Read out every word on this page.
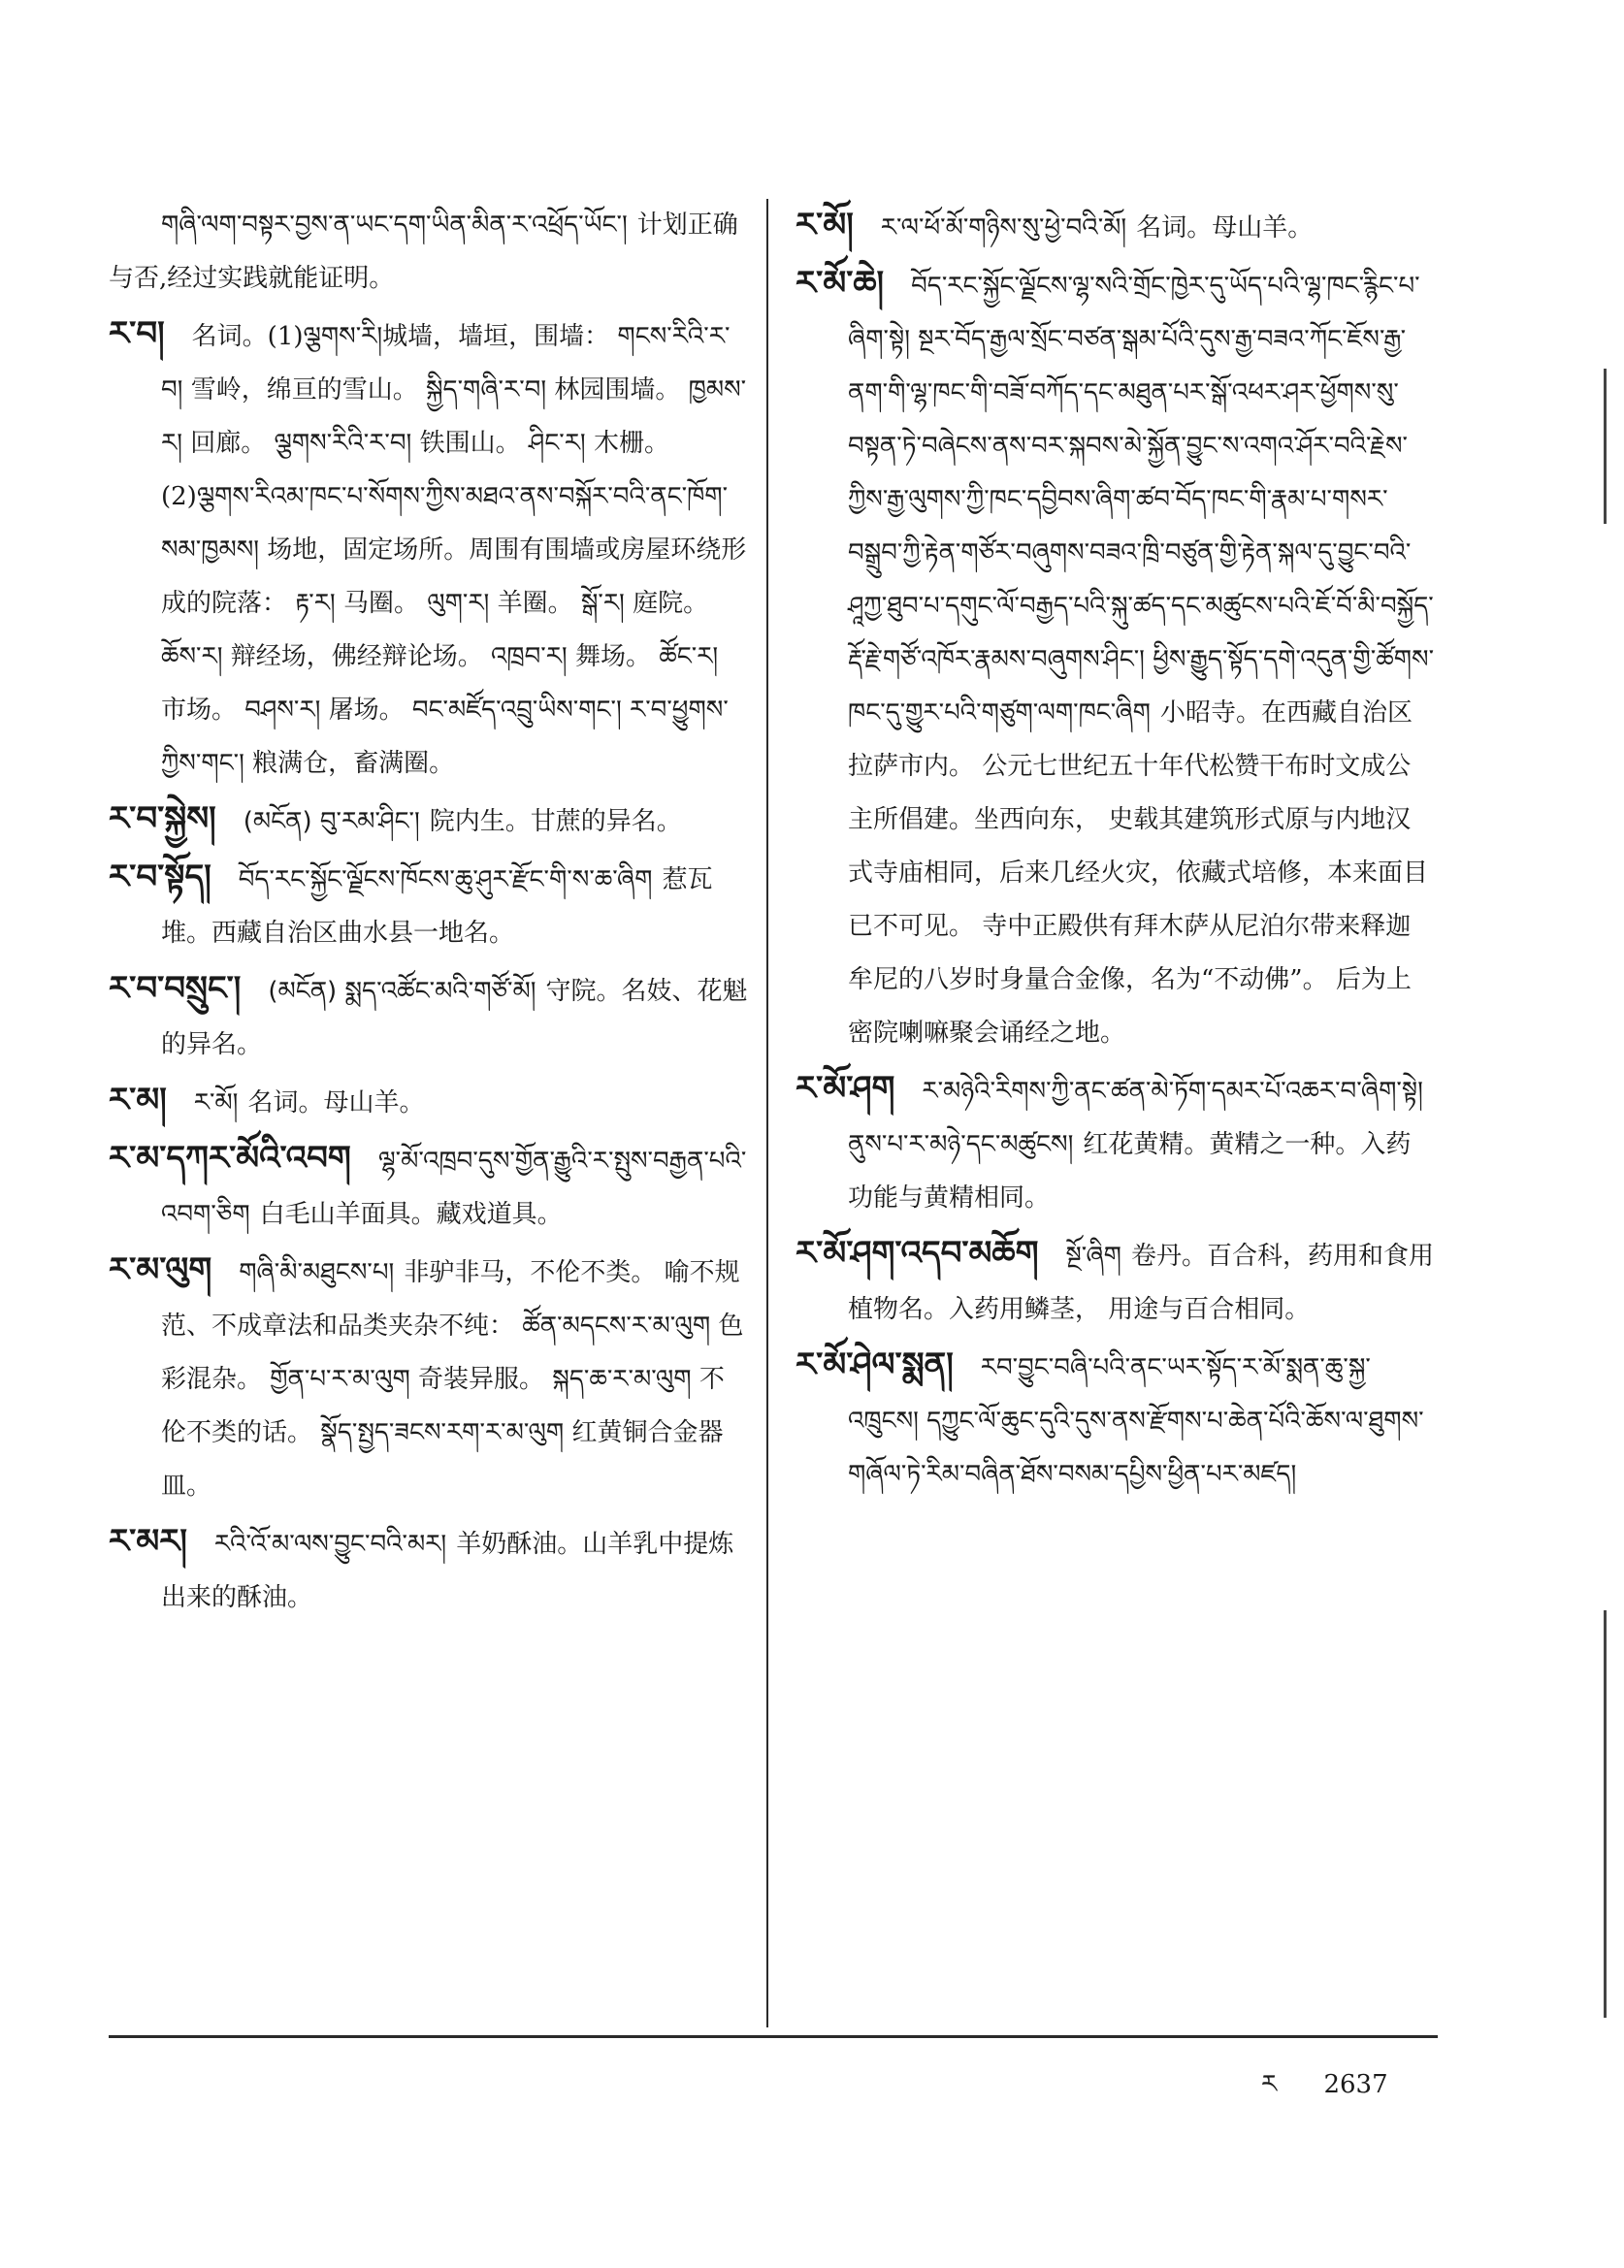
གཞི་ལག་བསྟར་བྱས་ན་ཡང་དག་ཡིན་མིན་ར་འཕྲོད་ཡོང་། 计划正确与否,经过实践就能证明。
ར་བ། 名词。(1)ལྕགས་རི།城墙，墙垣，围墙： གངས་རིའི་ར་བ། 雪岭，绵亘的雪山。 སྐྱིད་གཞི་ར་བ། 林园围墙。 ཁྱམས་ར། 回廊。 ལྕགས་རིའི་ར་བ། 铁围山。 ཤིང་ར། 木栅。 (2)ལྕགས་རིའམ་ཁང་པ་སོགས་ཀྱིས་མཐའ་ནས་བསྐོར་བའི་ནང་ཁོག་སམ་ཁྱམས། 场地，固定场所。周围有围墙或房屋环绕形成的院落： རྟ་ར། 马圈。 ལུག་ར། 羊圈。 སྒོ་ར། 庭院。 ཆོས་ར། 辩经场，佛经辩论场。 འཁྲབ་ར། 舞场。 ཚོང་ར། 市场。 བཤས་ར། 屠场。 བང་མཛོད་འབྲུ་ཡིས་གང་། ར་བ་ཕྱུགས་ཀྱིས་གང་། 粮满仓，畜满圈。
ར་བ་སྐྱེས། (མངོན) བུ་རམ་ཤིང་། 院内生。甘蔗的异名。
ར་བ་སྟོད། བོད་རང་སྐྱོང་ལྗོངས་ཁོངས་ཆུ་ཤུར་རྫོང་གི་ས་ཆ་ཞིག 惹瓦堆。西藏自治区曲水县一地名。
ར་བ་བསྲུང་། (མངོན) སྨད་འཚོང་མའི་གཙོ་མོ། 守院。名妓、花魁的异名。
ར་མ། ར་མོ། 名词。母山羊。
ར་མ་དཀར་མོའི་འབག ལྷ་མོ་འཁྲབ་དུས་གྱོན་རྒྱུའི་ར་སྤུས་བརྒྱན་པའི་འབག་ཅིག 白毛山羊面具。藏戏道具。
ར་མ་ལུག གཞི་མི་མཐུངས་པ། 非驴非马，不伦不类。 喻不规范、不成章法和品类夹杂不纯： ཚོན་མདངས་ར་མ་ལུག 色彩混杂。 གྱོན་པ་ར་མ་ལུག 奇装异服。 སྐད་ཆ་ར་མ་ལུག 不伦不类的话。 སྣོད་སྤྱད་ཟངས་རག་ར་མ་ལུག 红黄铜合金器皿。
ར་མར། རའི་འོ་མ་ལས་བྱུང་བའི་མར། 羊奶酥油。山羊乳中提炼出来的酥油。
ར་མོ། ར་ལ་ཕོ་མོ་གཉིས་སུ་ཕྱེ་བའི་མོ། 名词。母山羊。
ར་མོ་ཆེ། བོད་རང་སྐྱོང་ལྗོངས་ལྷ་སའི་གྲོང་ཁྱེར་དུ་ཡོད་པའི་ལྷ་ཁང་རྙིང་པ་ཞིག་སྟེ། སྔར་བོད་རྒྱལ་སྲོང་བཙན་སྒམ་པོའི་དུས་རྒྱ་བཟའ་ཀོང་ཇོས་རྒྱ་ནག་གི་ལྷ་ཁང་གི་བཟོ་བཀོད་དང་མཐུན་པར་སྒོ་འཕར་ཤར་ཕྱོགས་སུ་བསྟན་ཏེ་བཞེངས་ནས་བར་སྐབས་མེ་སྐྱོན་བྱུང་ས་འགའ་ཤོར་བའི་རྗེས་ཀྱིས་རྒྱ་ལུགས་ཀྱི་ཁང་དབྱིབས་ཞིག་ཚབ་བོད་ཁང་གི་རྣམ་པ་གསར་བསྒྲུབ་ཀྱི་རྟེན་གཙོར་བཞུགས་བཟའ་ཁྲི་བཙུན་གྱི་རྟེན་སྐལ་དུ་བྱུང་བའི་ཤཱཀྱ་ཐུབ་པ་དགུང་ལོ་བརྒྱད་པའི་སྐུ་ཚད་དང་མཚུངས་པའི་ཇོ་བོ་མི་བསྐྱོད་རྡོ་རྗེ་གཙོ་འཁོར་རྣམས་བཞུགས་ཤིང་། ཕྱིས་རྒྱུད་སྟོད་དགེ་འདུན་གྱི་ཚོགས་ཁང་དུ་གྱུར་པའི་གཙུག་ལག་ཁང་ཞིག 小昭寺。在西藏自治区拉萨市内。 公元七世纪五十年代松赞干布时文成公主所倡建。坐西向东， 史载其建筑形式原与内地汉式寺庙相同，后来几经火灾，依藏式培修，本来面目已不可见。 寺中正殿供有拜木萨从尼泊尔带来释迦牟尼的八岁时身量合金像，名为“不动佛”。 后为上密院喇嘛聚会诵经之地。
ར་མོ་ཤག ར་མཉེའི་རིགས་ཀྱི་ནང་ཚན་མེ་ཏོག་དམར་པོ་འཆར་བ་ཞིག་སྟེ། ནུས་པ་ར་མཉེ་དང་མཚུངས། 红花黄精。黄精之一种。入药功能与黄精相同。
ར་མོ་ཤག་འདབ་མཆོག སྔོ་ཞིག 卷丹。百合科，药用和食用植物名。入药用鳞茎， 用途与百合相同。
ར་མོ་ཤེལ་སྨན། རབ་བྱུང་བཞི་པའི་ནང་ཡར་སྟོད་ར་མོ་སྨན་ཆུ་སྐྱ་འཁྲུངས། དཀྱུང་ལོ་ཆུང་དུའི་དུས་ནས་རྫོགས་པ་ཆེན་པོའི་ཆོས་ལ་ཐུགས་གཞོལ་ཏེ་རིམ་བཞིན་ཐོས་བསམ་དཔྱིས་ཕྱིན་པར་མཛད།
ར 2637
